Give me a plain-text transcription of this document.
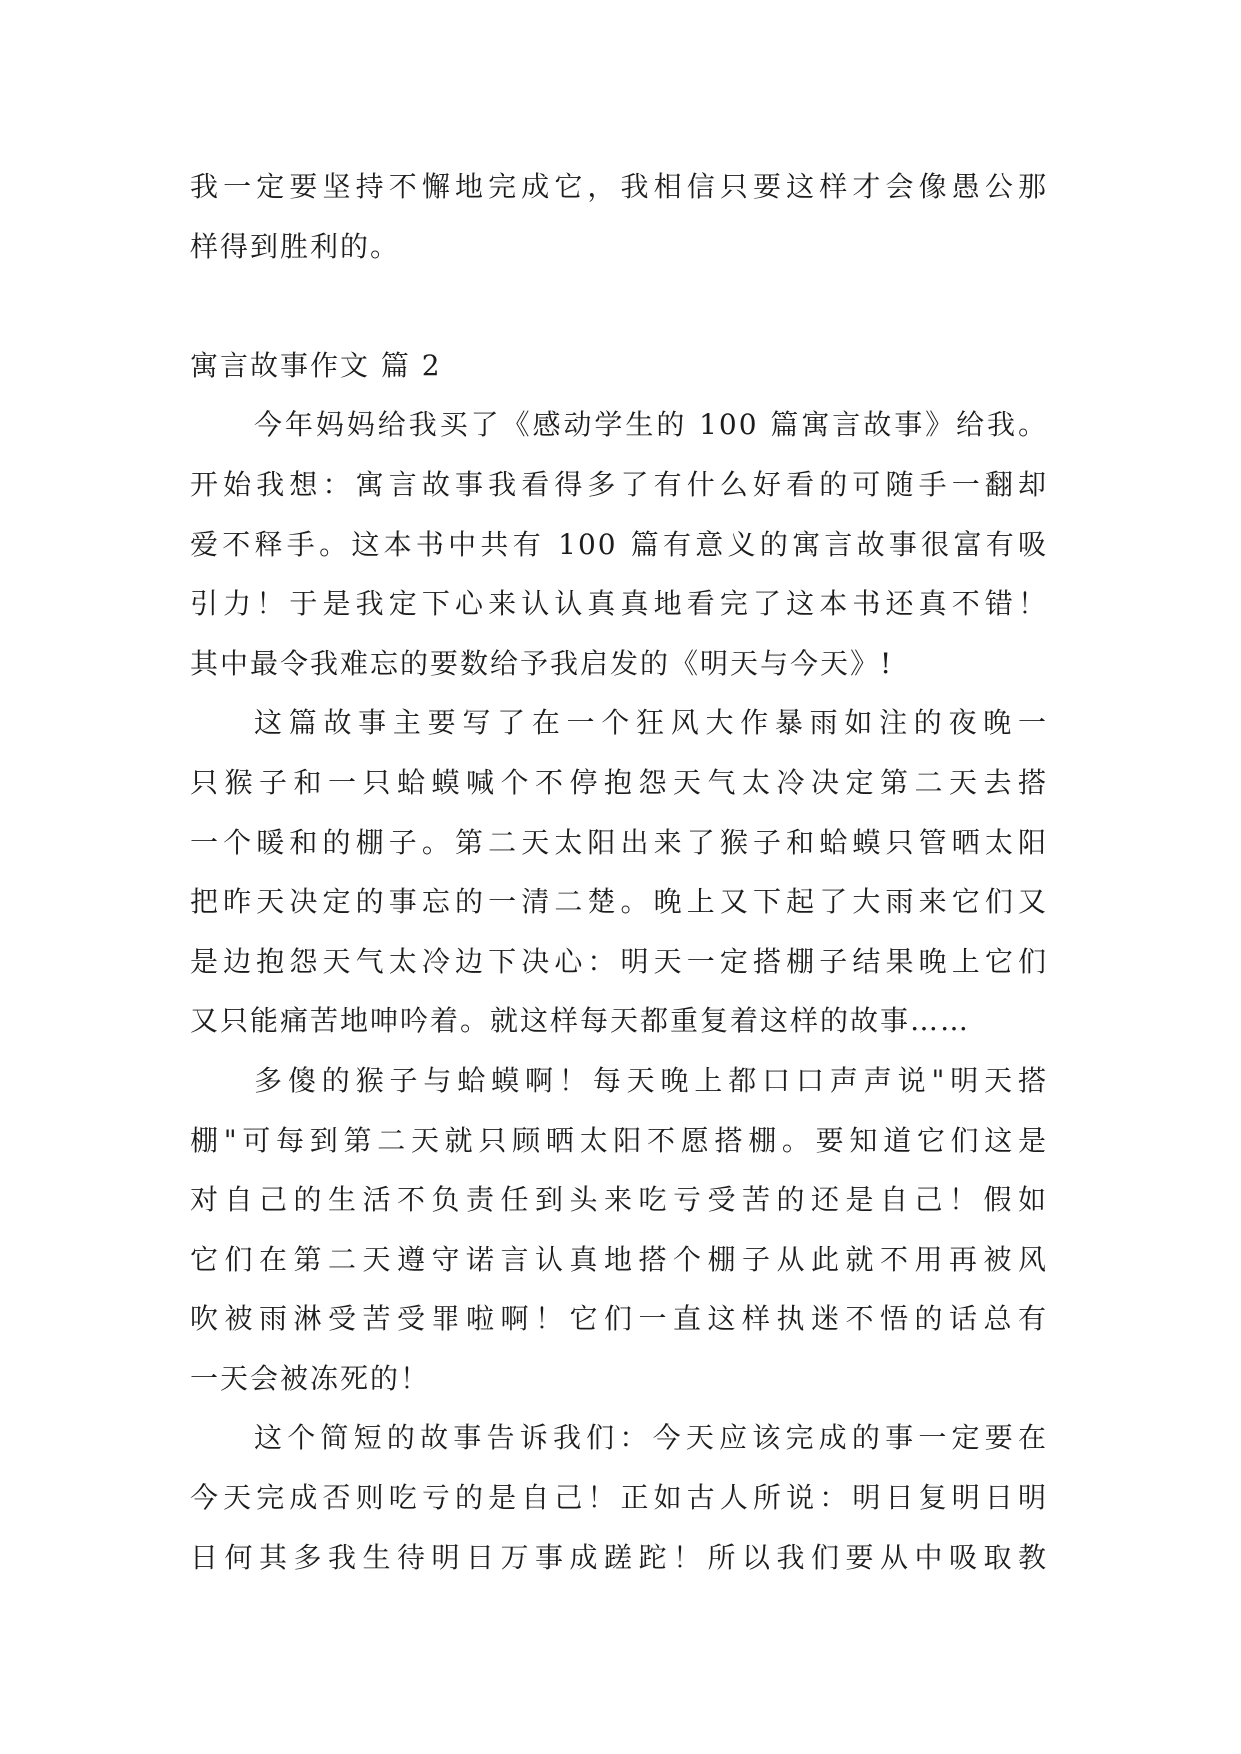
我一定要坚持不懈地完成它，我相信只要这样才会像愚公那
样得到胜利的。
寓言故事作文 篇 2
今年妈妈给我买了《感动学生的 100 篇寓言故事》给我。
开始我想：寓言故事我看得多了有什么好看的可随手一翻却
爱不释手。这本书中共有 100 篇有意义的寓言故事很富有吸
引力！于是我定下心来认认真真地看完了这本书还真不错！
其中最令我难忘的要数给予我启发的《明天与今天》!
这篇故事主要写了在一个狂风大作暴雨如注的夜晚一
只猴子和一只蛤蟆喊个不停抱怨天气太冷决定第二天去搭
一个暖和的棚子。第二天太阳出来了猴子和蛤蟆只管晒太阳
把昨天决定的事忘的一清二楚。晚上又下起了大雨来它们又
是边抱怨天气太冷边下决心：明天一定搭棚子结果晚上它们
又只能痛苦地呻吟着。就这样每天都重复着这样的故事……
多傻的猴子与蛤蟆啊！每天晚上都口口声声说"明天搭
棚"可每到第二天就只顾晒太阳不愿搭棚。要知道它们这是
对自己的生活不负责任到头来吃亏受苦的还是自己！假如
它们在第二天遵守诺言认真地搭个棚子从此就不用再被风
吹被雨淋受苦受罪啦啊！它们一直这样执迷不悟的话总有
一天会被冻死的！
这个简短的故事告诉我们：今天应该完成的事一定要在
今天完成否则吃亏的是自己！正如古人所说：明日复明日明
日何其多我生待明日万事成蹉跎！所以我们要从中吸取教
